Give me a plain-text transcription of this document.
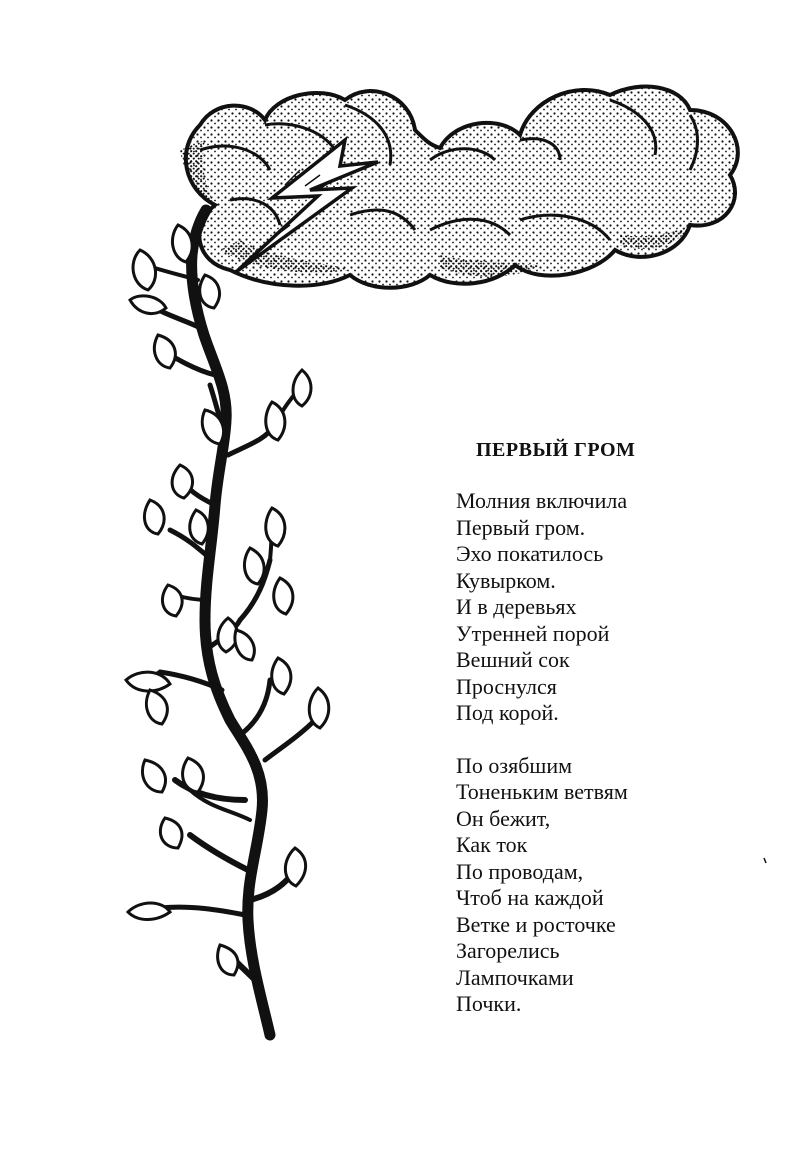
ПЕРВЫЙ ГРОМ
Молния включила
Первый гром.
Эхо покатилось
Кувырком.
И в деревьях
Утренней порой
Вешний сок
Проснулся
Под корой.
По озябшим
Тоненьким ветвям
Он бежит,
Как ток
По проводам,
Чтоб на каждой
Ветке и росточке
Загорелись
Лампочками
Почки.
